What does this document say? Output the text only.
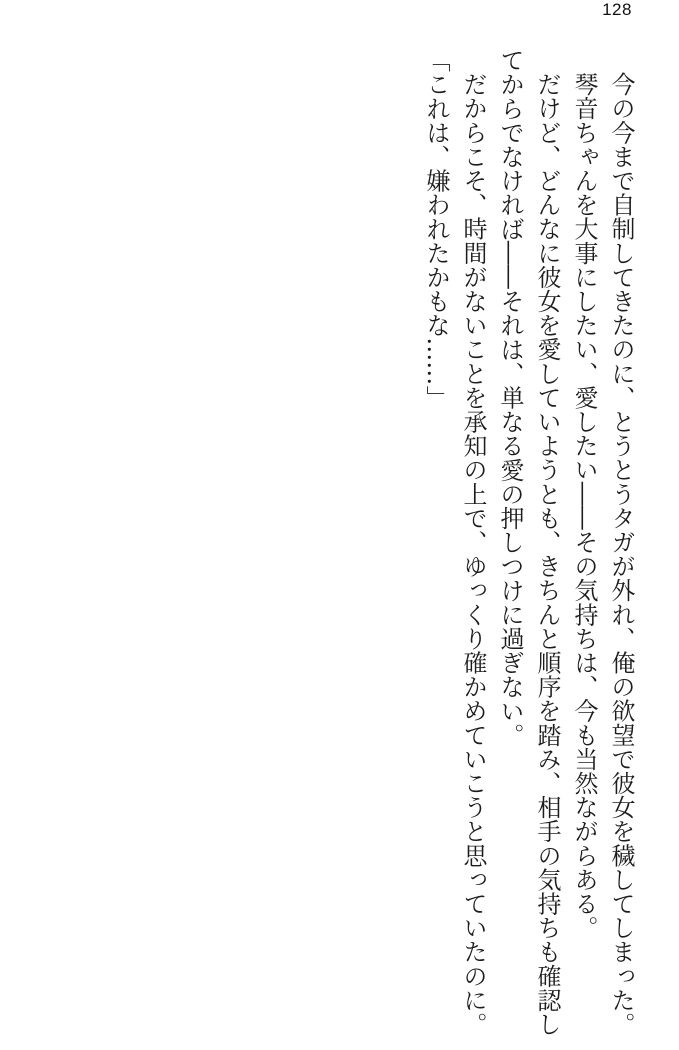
128

今の今まで自制してきたのに、とうとうタガが外れ、俺の欲望で彼女を穢してしまった。

琴音ちゃんを大事にしたい、愛したい――その気持ちは、今も当然ながらある。

だけど、どんなに彼女を愛していようとも、きちんと順序を踏み、相手の気持ちも確認してからでなければ――それは、単なる愛の押しつけに過ぎない。

だからこそ、時間がないことを承知の上で、ゆっくり確かめていこうと思っていたのに。

「これは、嫌われたかもな……」
